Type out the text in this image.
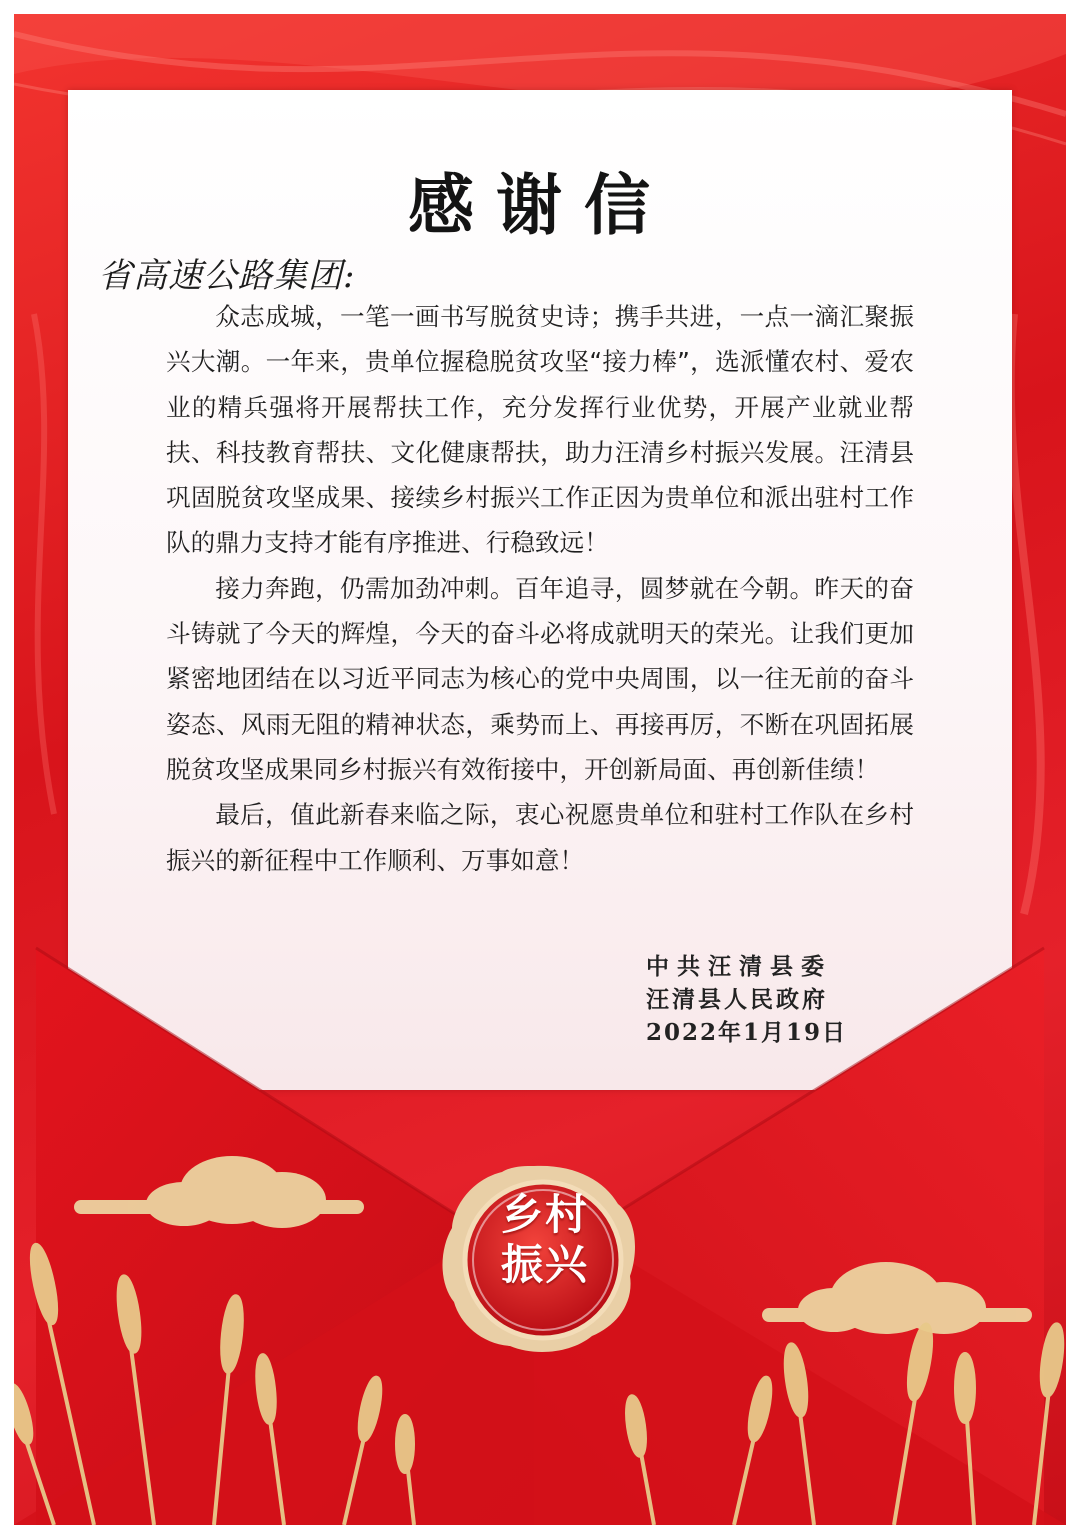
感谢信
省高速公路集团:

众志成城，一笔一画书写脱贫史诗；携手共进，一点一滴汇聚振兴大潮。一年来，贵单位握稳脱贫攻坚“接力棒”，选派懂农村、爱农业的精兵强将开展帮扶工作，充分发挥行业优势，开展产业就业帮扶、科技教育帮扶、文化健康帮扶，助力汪清乡村振兴发展。汪清县巩固脱贫攻坚成果、接续乡村振兴工作正因为贵单位和派出驻村工作队的鼎力支持才能有序推进、行稳致远！

接力奔跑，仍需加劲冲刺。百年追寻，圆梦就在今朝。昨天的奋斗铸就了今天的辉煌，今天的奋斗必将成就明天的荣光。让我们更加紧密地团结在以习近平同志为核心的党中央周围，以一往无前的奋斗姿态、风雨无阻的精神状态，乘势而上、再接再厉，不断在巩固拓展脱贫攻坚成果同乡村振兴有效衔接中，开创新局面、再创新佳绩！

最后，值此新春来临之际，衷心祝愿贵单位和驻村工作队在乡村振兴的新征程中工作顺利、万事如意！

中共汪清县委
汪清县人民政府
2022年1月19日
乡村
振兴
